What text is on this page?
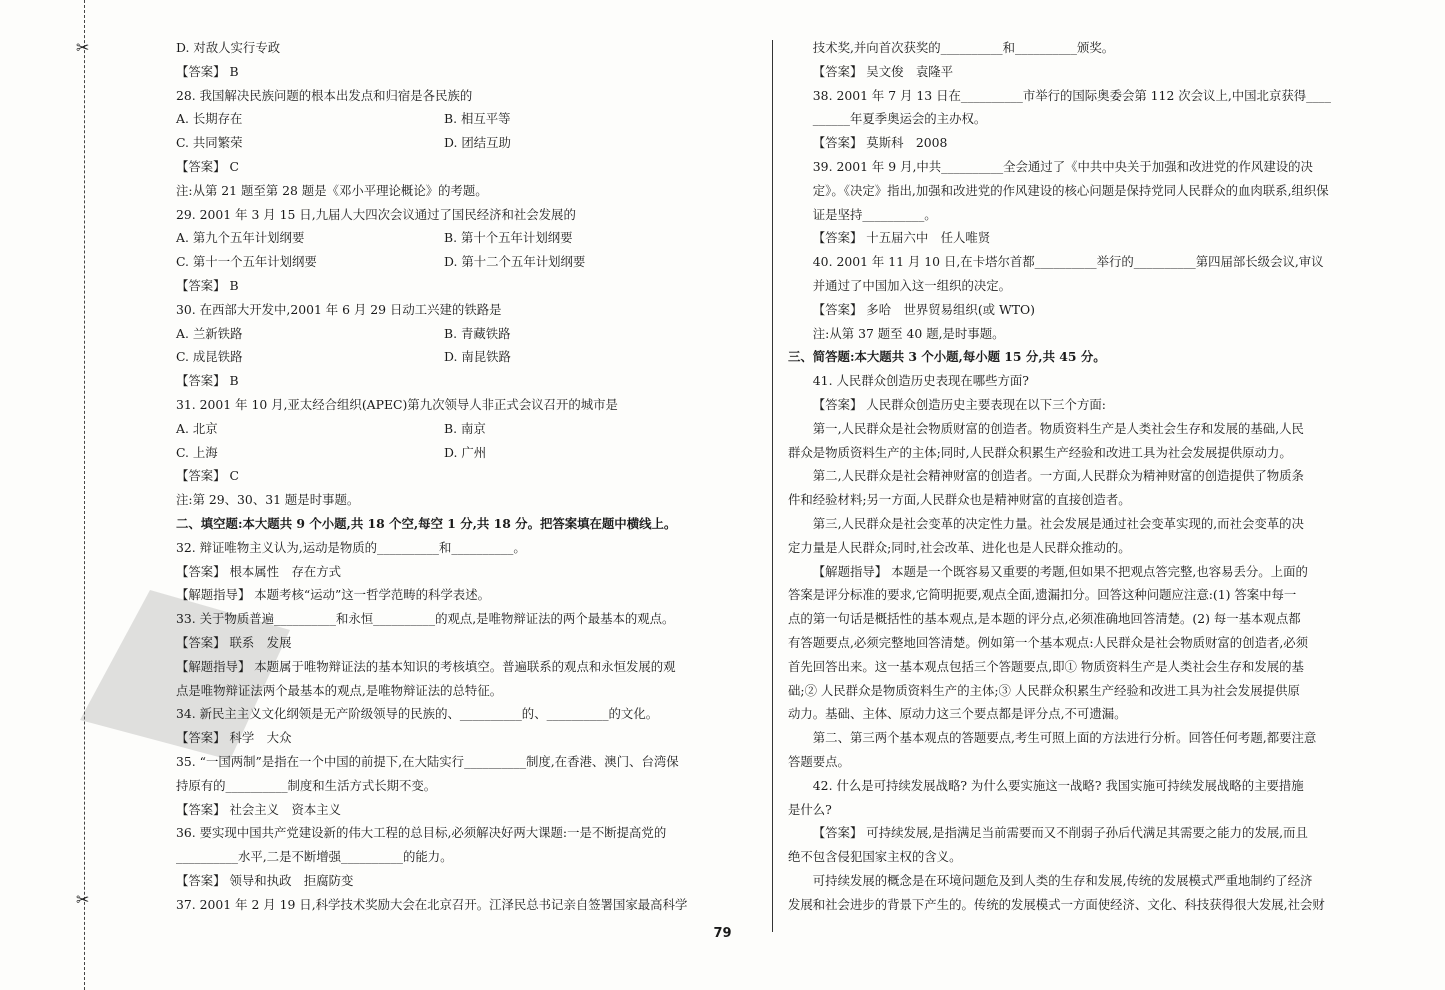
✂
✂
D. 对敌人实行专政
【答案】 B
28. 我国解决民族问题的根本出发点和归宿是各民族的
A. 长期存在	B. 相互平等
C. 共同繁荣	D. 团结互助
【答案】 C
注:从第 21 题至第 28 题是《邓小平理论概论》的考题。
29. 2001 年 3 月 15 日,九届人大四次会议通过了国民经济和社会发展的
A. 第九个五年计划纲要	B. 第十个五年计划纲要
C. 第十一个五年计划纲要	D. 第十二个五年计划纲要
【答案】 B
30. 在西部大开发中,2001 年 6 月 29 日动工兴建的铁路是
A. 兰新铁路	B. 青藏铁路
C. 成昆铁路	D. 南昆铁路
【答案】 B
31. 2001 年 10 月,亚太经合组织(APEC)第九次领导人非正式会议召开的城市是
A. 北京	B. 南京
C. 上海	D. 广州
【答案】 C
注:第 29、30、31 题是时事题。
二、填空题:本大题共 9 个小题,共 18 个空,每空 1 分,共 18 分。把答案填在题中横线上。
32. 辩证唯物主义认为,运动是物质的__________和__________。
【答案】 根本属性　存在方式
【解题指导】 本题考核“运动”这一哲学范畴的科学表述。
33. 关于物质普遍__________和永恒__________的观点,是唯物辩证法的两个最基本的观点。
【答案】 联系　发展
【解题指导】 本题属于唯物辩证法的基本知识的考核填空。普遍联系的观点和永恒发展的观
点是唯物辩证法两个最基本的观点,是唯物辩证法的总特征。
34. 新民主主义文化纲领是无产阶级领导的民族的、__________的、__________的文化。
【答案】 科学　大众
35. “一国两制”是指在一个中国的前提下,在大陆实行__________制度,在香港、澳门、台湾保
持原有的__________制度和生活方式长期不变。
【答案】 社会主义　资本主义
36. 要实现中国共产党建设新的伟大工程的总目标,必须解决好两大课题:一是不断提高党的
__________水平,二是不断增强__________的能力。
【答案】 领导和执政　拒腐防变
37. 2001 年 2 月 19 日,科学技术奖励大会在北京召开。江泽民总书记亲自签署国家最高科学
技术奖,并向首次获奖的__________和__________颁奖。
【答案】 吴文俊　袁隆平
38. 2001 年 7 月 13 日在__________市举行的国际奥委会第 112 次会议上,中国北京获得____
______年夏季奥运会的主办权。
【答案】 莫斯科　2008
39. 2001 年 9 月,中共__________全会通过了《中共中央关于加强和改进党的作风建设的决
定》。《决定》指出,加强和改进党的作风建设的核心问题是保持党同人民群众的血肉联系,组织保
证是坚持__________。
【答案】 十五届六中　任人唯贤
40. 2001 年 11 月 10 日,在卡塔尔首都__________举行的__________第四届部长级会议,审议
并通过了中国加入这一组织的决定。
【答案】 多哈　世界贸易组织(或 WTO)
注:从第 37 题至 40 题,是时事题。
三、简答题:本大题共 3 个小题,每小题 15 分,共 45 分。
41. 人民群众创造历史表现在哪些方面?
【答案】 人民群众创造历史主要表现在以下三个方面:
第一,人民群众是社会物质财富的创造者。物质资料生产是人类社会生存和发展的基础,人民
群众是物质资料生产的主体;同时,人民群众积累生产经验和改进工具为社会发展提供原动力。
第二,人民群众是社会精神财富的创造者。一方面,人民群众为精神财富的创造提供了物质条
件和经验材料;另一方面,人民群众也是精神财富的直接创造者。
第三,人民群众是社会变革的决定性力量。社会发展是通过社会变革实现的,而社会变革的决
定力量是人民群众;同时,社会改革、进化也是人民群众推动的。
【解题指导】 本题是一个既容易又重要的考题,但如果不把观点答完整,也容易丢分。上面的
答案是评分标准的要求,它简明扼要,观点全面,遗漏扣分。回答这种问题应注意:(1) 答案中每一
点的第一句话是概括性的基本观点,是本题的评分点,必须准确地回答清楚。(2) 每一基本观点都
有答题要点,必须完整地回答清楚。例如第一个基本观点:人民群众是社会物质财富的创造者,必须
首先回答出来。这一基本观点包括三个答题要点,即① 物质资料生产是人类社会生存和发展的基
础;② 人民群众是物质资料生产的主体;③ 人民群众积累生产经验和改进工具为社会发展提供原
动力。基础、主体、原动力这三个要点都是评分点,不可遗漏。
第二、第三两个基本观点的答题要点,考生可照上面的方法进行分析。回答任何考题,都要注意
答题要点。
42. 什么是可持续发展战略? 为什么要实施这一战略? 我国实施可持续发展战略的主要措施
是什么?
【答案】 可持续发展,是指满足当前需要而又不削弱子孙后代满足其需要之能力的发展,而且
绝不包含侵犯国家主权的含义。
可持续发展的概念是在环境问题危及到人类的生存和发展,传统的发展模式严重地制约了经济
发展和社会进步的背景下产生的。传统的发展模式一方面使经济、文化、科技获得很大发展,社会财
79
